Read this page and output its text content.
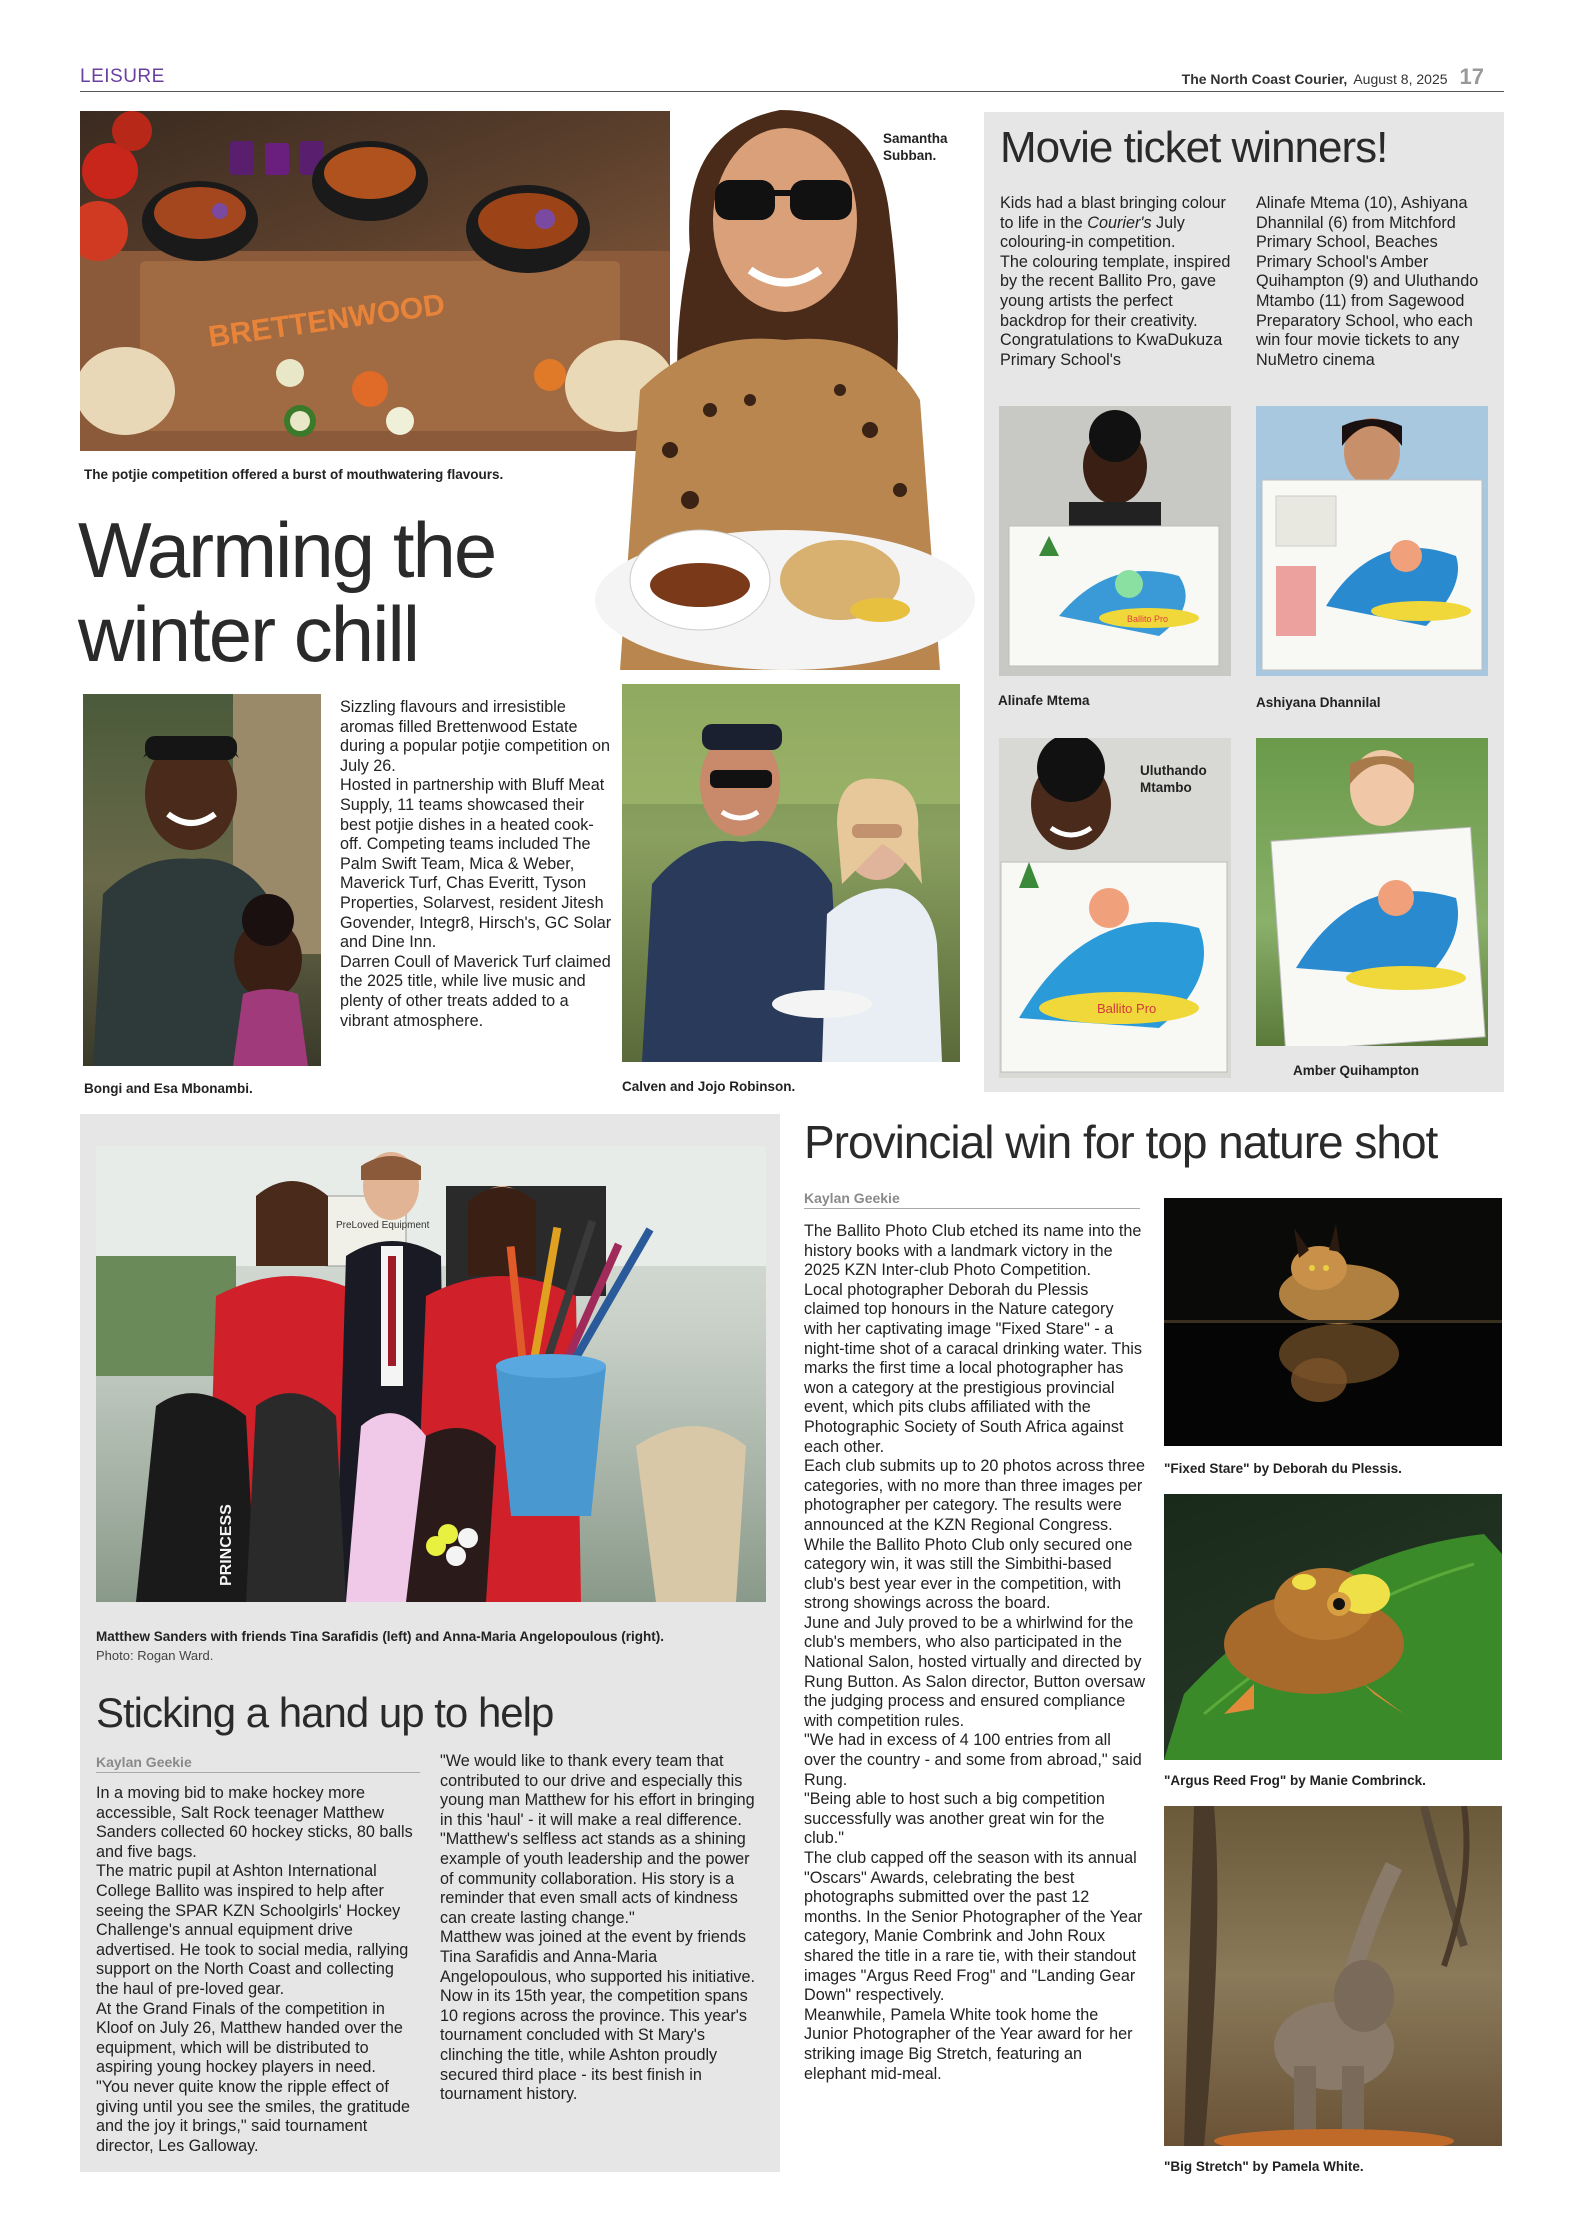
LEISURE	The North Coast Courier, August 8, 2025 17
BRETTENWOOD
The potjie competition offered a burst of mouthwatering flavours.
Samantha Subban.
Warming the winter chill
Bongi and Esa Mbonambi.
Sizzling flavours and irresistible aromas filled Brettenwood Estate during a popular potjie competition on July 26.
Hosted in partnership with Bluff Meat Supply, 11 teams showcased their best potjie dishes in a heated cook-off. Competing teams included The Palm Swift Team, Mica & Weber, Maverick Turf, Chas Everitt, Tyson Properties, Solarvest, resident Jitesh Govender, Integr8, Hirsch's, GC Solar and Dine Inn.
Darren Coull of Maverick Turf claimed the 2025 title, while live music and plenty of other treats added to a vibrant atmosphere.
Calven and Jojo Robinson.
Movie ticket winners!
Kids had a blast bringing colour to life in the Courier's July colouring-in competition.
The colouring template, inspired by the recent Ballito Pro, gave young artists the perfect backdrop for their creativity.
Congratulations to KwaDukuza Primary School's
Alinafe Mtema (10), Ashiyana Dhannilal (6) from Mitchford Primary School, Beaches Primary School's Amber Quihampton (9) and Uluthando Mtambo (11) from Sagewood Preparatory School, who each win four movie tickets to any NuMetro cinema
Ballito Pro
Alinafe Mtema	Ashiyana Dhannilal
Ballito Pro
Uluthando Mtambo
Amber Quihampton
PreLoved Equipment
PRINCESS
Matthew Sanders with friends Tina Sarafidis (left) and Anna-Maria Angelopoulous (right).
Photo: Rogan Ward.
Sticking a hand up to help
Kaylan Geekie
In a moving bid to make hockey more accessible, Salt Rock teenager Matthew Sanders collected 60 hockey sticks, 80 balls and five bags.
The matric pupil at Ashton International College Ballito was inspired to help after seeing the SPAR KZN Schoolgirls' Hockey Challenge's annual equipment drive advertised. He took to social media, rallying support on the North Coast and collecting the haul of pre-loved gear.
At the Grand Finals of the competition in Kloof on July 26, Matthew handed over the equipment, which will be distributed to aspiring young hockey players in need.
"You never quite know the ripple effect of giving until you see the smiles, the gratitude and the joy it brings," said tournament director, Les Galloway.
"We would like to thank every team that contributed to our drive and especially this young man Matthew for his effort in bringing in this 'haul' - it will make a real difference.
"Matthew's selfless act stands as a shining example of youth leadership and the power of community collaboration. His story is a reminder that even small acts of kindness can create lasting change."
Matthew was joined at the event by friends Tina Sarafidis and Anna-Maria Angelopoulous, who supported his initiative.
Now in its 15th year, the competition spans 10 regions across the province. This year's tournament concluded with St Mary's clinching the title, while Ashton proudly secured third place - its best finish in tournament history.
Provincial win for top nature shot
Kaylan Geekie
The Ballito Photo Club etched its name into the history books with a landmark victory in the 2025 KZN Inter-club Photo Competition.
Local photographer Deborah du Plessis claimed top honours in the Nature category with her captivating image "Fixed Stare" - a night-time shot of a caracal drinking water. This marks the first time a local photographer has won a category at the prestigious provincial event, which pits clubs affiliated with the Photographic Society of South Africa against each other.
Each club submits up to 20 photos across three categories, with no more than three images per photographer per category. The results were announced at the KZN Regional Congress.
While the Ballito Photo Club only secured one category win, it was still the Simbithi-based club's best year ever in the competition, with strong showings across the board.
June and July proved to be a whirlwind for the club's members, who also participated in the National Salon, hosted virtually and directed by Rung Button. As Salon director, Button oversaw the judging process and ensured compliance with competition rules.
"We had in excess of 4 100 entries from all over the country - and some from abroad," said Rung.
"Being able to host such a big competition successfully was another great win for the club."
The club capped off the season with its annual "Oscars" Awards, celebrating the best photographs submitted over the past 12 months. In the Senior Photographer of the Year category, Manie Combrink and John Roux shared the title in a rare tie, with their standout images "Argus Reed Frog" and "Landing Gear Down" respectively.
Meanwhile, Pamela White took home the Junior Photographer of the Year award for her striking image Big Stretch, featuring an elephant mid-meal.
"Fixed Stare" by Deborah du Plessis.
"Argus Reed Frog" by Manie Combrinck.
"Big Stretch" by Pamela White.
